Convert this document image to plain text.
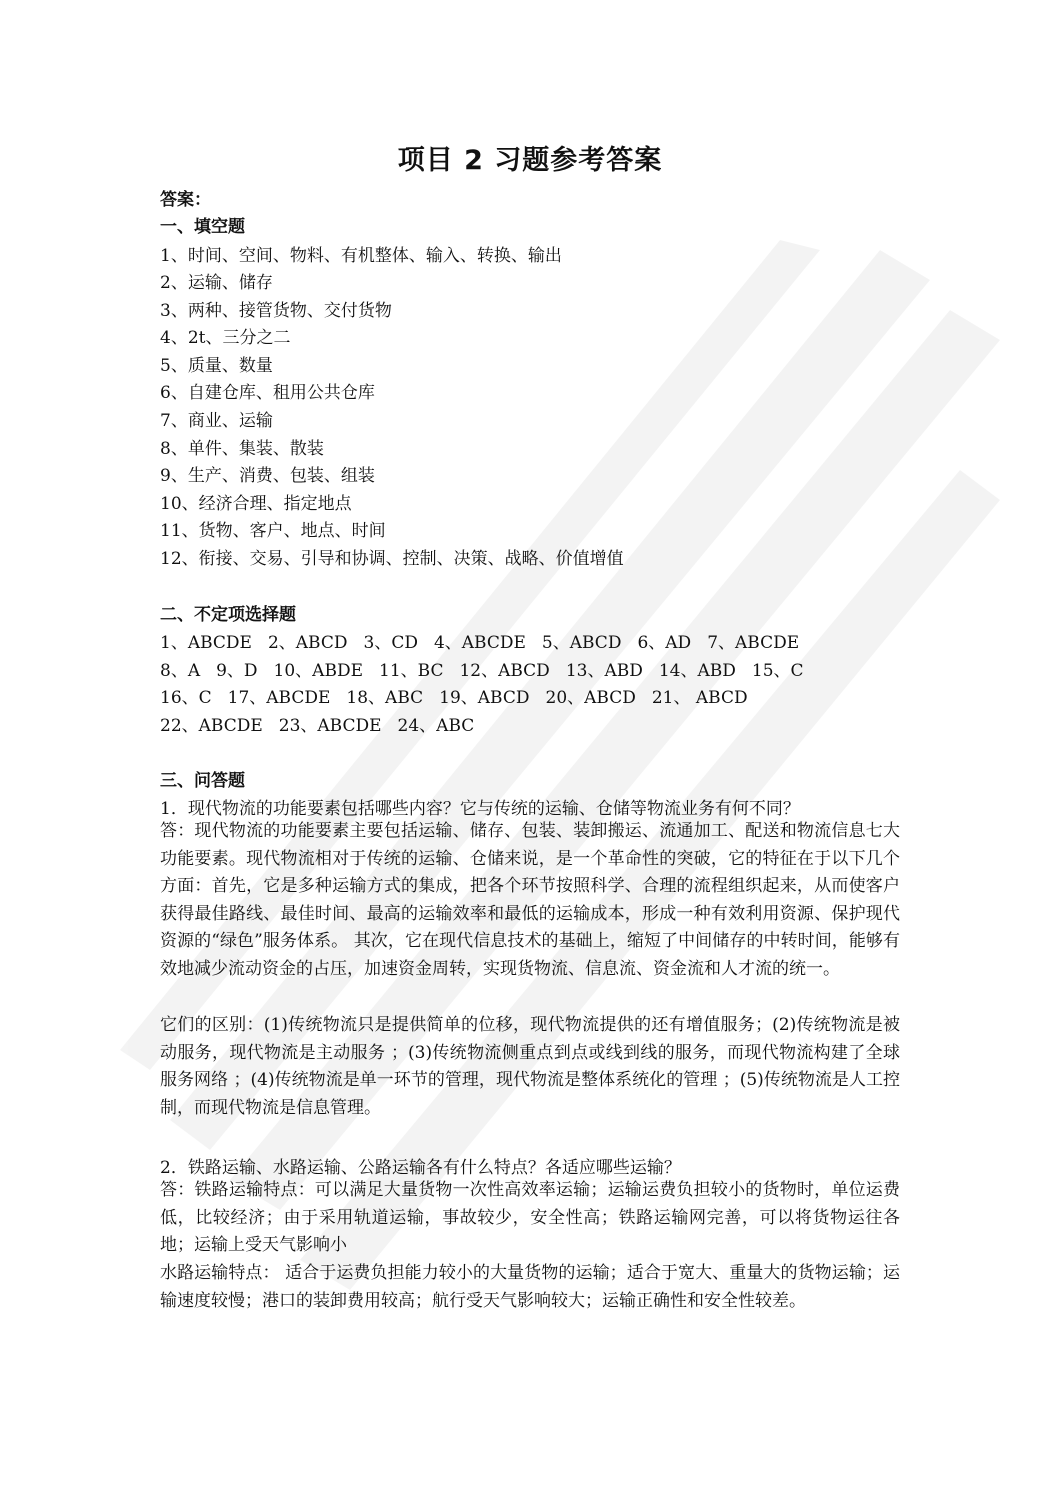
项目 2 习题参考答案
答案：
一、填空题
1、时间、空间、物料、有机整体、输入、转换、输出
2、运输、储存
3、两种、接管货物、交付货物
4、2t、三分之二
5、质量、数量
6、自建仓库、租用公共仓库
7、商业、运输
8、单件、集装、散装
9、生产、消费、包装、组装
10、经济合理、指定地点
11、货物、客户、地点、时间
12、衔接、交易、引导和协调、控制、决策、战略、价值增值
二、不定项选择题
1、ABCDE 2、ABCD 3、CD 4、ABCDE 5、ABCD 6、AD 7、ABCDE
8、A 9、D 10、ABDE 11、BC 12、ABCD 13、ABD 14、ABD 15、C
16、C 17、ABCDE 18、ABC 19、ABCD 20、ABCD 21、 ABCD
22、ABCDE 23、ABCDE 24、ABC
三、问答题
1．现代物流的功能要素包括哪些内容？它与传统的运输、仓储等物流业务有何不同？
答：现代物流的功能要素主要包括运输、储存、包装、装卸搬运、流通加工、配送和物流信息七大功能要素。现代物流相对于传统的运输、仓储来说，是一个革命性的突破，它的特征在于以下几个方面：首先，它是多种运输方式的集成，把各个环节按照科学、合理的流程组织起来，从而使客户获得最佳路线、最佳时间、最高的运输效率和最低的运输成本，形成一种有效利用资源、保护现代资源的“绿色”服务体系。 其次，它在现代信息技术的基础上，缩短了中间储存的中转时间，能够有效地减少流动资金的占压，加速资金周转，实现货物流、信息流、资金流和人才流的统一。
它们的区别：(1)传统物流只是提供简单的位移，现代物流提供的还有增值服务；(2)传统物流是被动服务，现代物流是主动服务 ；(3)传统物流侧重点到点或线到线的服务，而现代物流构建了全球服务网络 ；(4)传统物流是单一环节的管理，现代物流是整体系统化的管理 ；(5)传统物流是人工控制，而现代物流是信息管理。
2．铁路运输、水路运输、公路运输各有什么特点？各适应哪些运输？
答：铁路运输特点：可以满足大量货物一次性高效率运输；运输运费负担较小的货物时，单位运费低，比较经济；由于采用轨道运输，事故较少，安全性高；铁路运输网完善，可以将货物运往各地；运输上受天气影响小
水路运输特点： 适合于运费负担能力较小的大量货物的运输；适合于宽大、重量大的货物运输；运输速度较慢；港口的装卸费用较高；航行受天气影响较大；运输正确性和安全性较差。
